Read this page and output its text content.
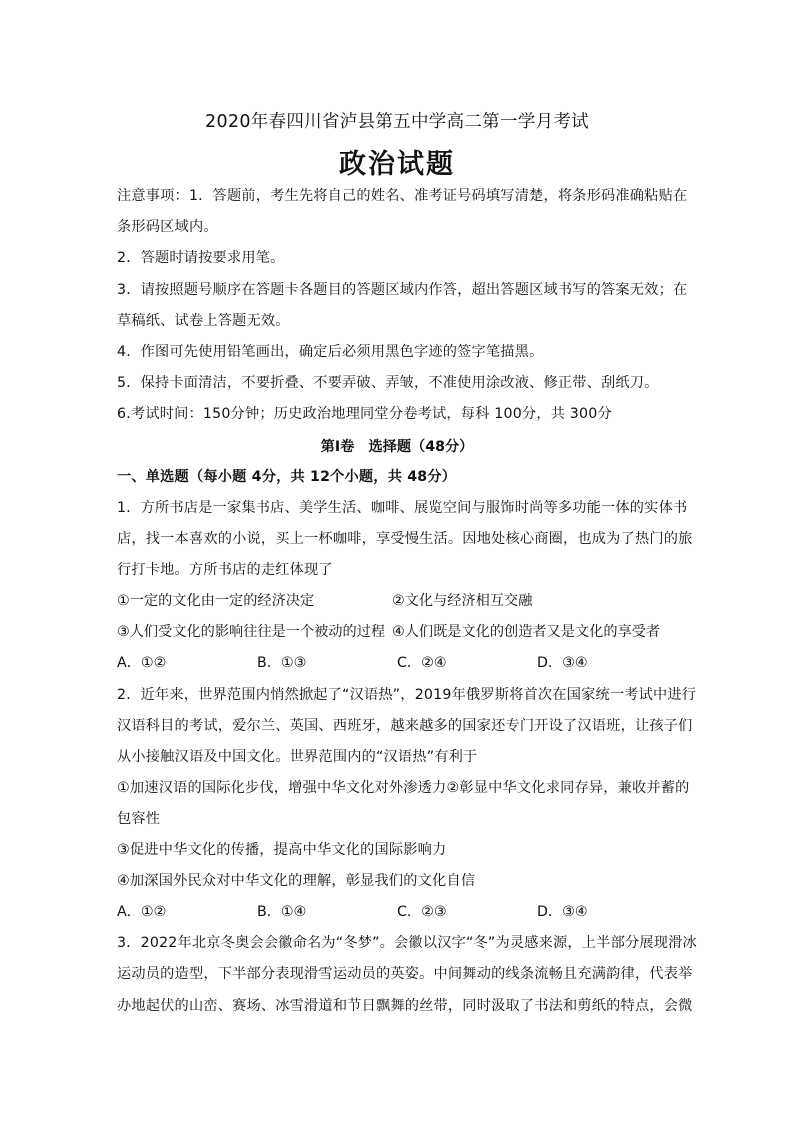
2020年春四川省泸县第五中学高二第一学月考试
政治试题
注意事项：1．答题前，考生先将自己的姓名、准考证号码填写清楚，将条形码准确粘贴在
条形码区域内。
2．答题时请按要求用笔。
3．请按照题号顺序在答题卡各题目的答题区域内作答，超出答题区域书写的答案无效；在
草稿纸、试卷上答题无效。
4．作图可先使用铅笔画出，确定后必须用黑色字迹的签字笔描黑。
5．保持卡面清洁，不要折叠、不要弄破、弄皱，不准使用涂改液、修正带、刮纸刀。
6.考试时间：150分钟；历史政治地理同堂分卷考试，每科 100分，共 300分
第Ⅰ卷　选择题（48分）
一、单选题（每小题 4分，共 12个小题，共 48分）
1．方所书店是一家集书店、美学生活、咖啡、展览空间与服饰时尚等多功能一体的实体书
店，找一本喜欢的小说，买上一杯咖啡，享受慢生活。因地处核心商圈，也成为了热门的旅
行打卡地。方所书店的走红体现了
①一定的文化由一定的经济决定	②文化与经济相互交融
③人们受文化的影响往往是一个被动的过程 ④人们既是文化的创造者又是文化的享受者
A．①②	B．①③	C．②④	D．③④
2．近年来，世界范围内悄然掀起了“汉语热”，2019年俄罗斯将首次在国家统一考试中进行
汉语科目的考试，爱尔兰、英国、西班牙，越来越多的国家还专门开设了汉语班，让孩子们
从小接触汉语及中国文化。世界范围内的“汉语热”有利于
①加速汉语的国际化步伐，增强中华文化对外渗透力②彰显中华文化求同存异，兼收并蓄的
包容性
③促进中华文化的传播，提高中华文化的国际影响力
④加深国外民众对中华文化的理解，彰显我们的文化自信
A．①②	B．①④	C．②③	D．③④
3．2022年北京冬奥会会徽命名为“冬梦”。会徽以汉字“冬”为灵感来源，上半部分展现滑冰
运动员的造型，下半部分表现滑雪运动员的英姿。中间舞动的线条流畅且充满韵律，代表举
办地起伏的山峦、赛场、冰雪滑道和节日飘舞的丝带，同时汲取了书法和剪纸的特点，会微
